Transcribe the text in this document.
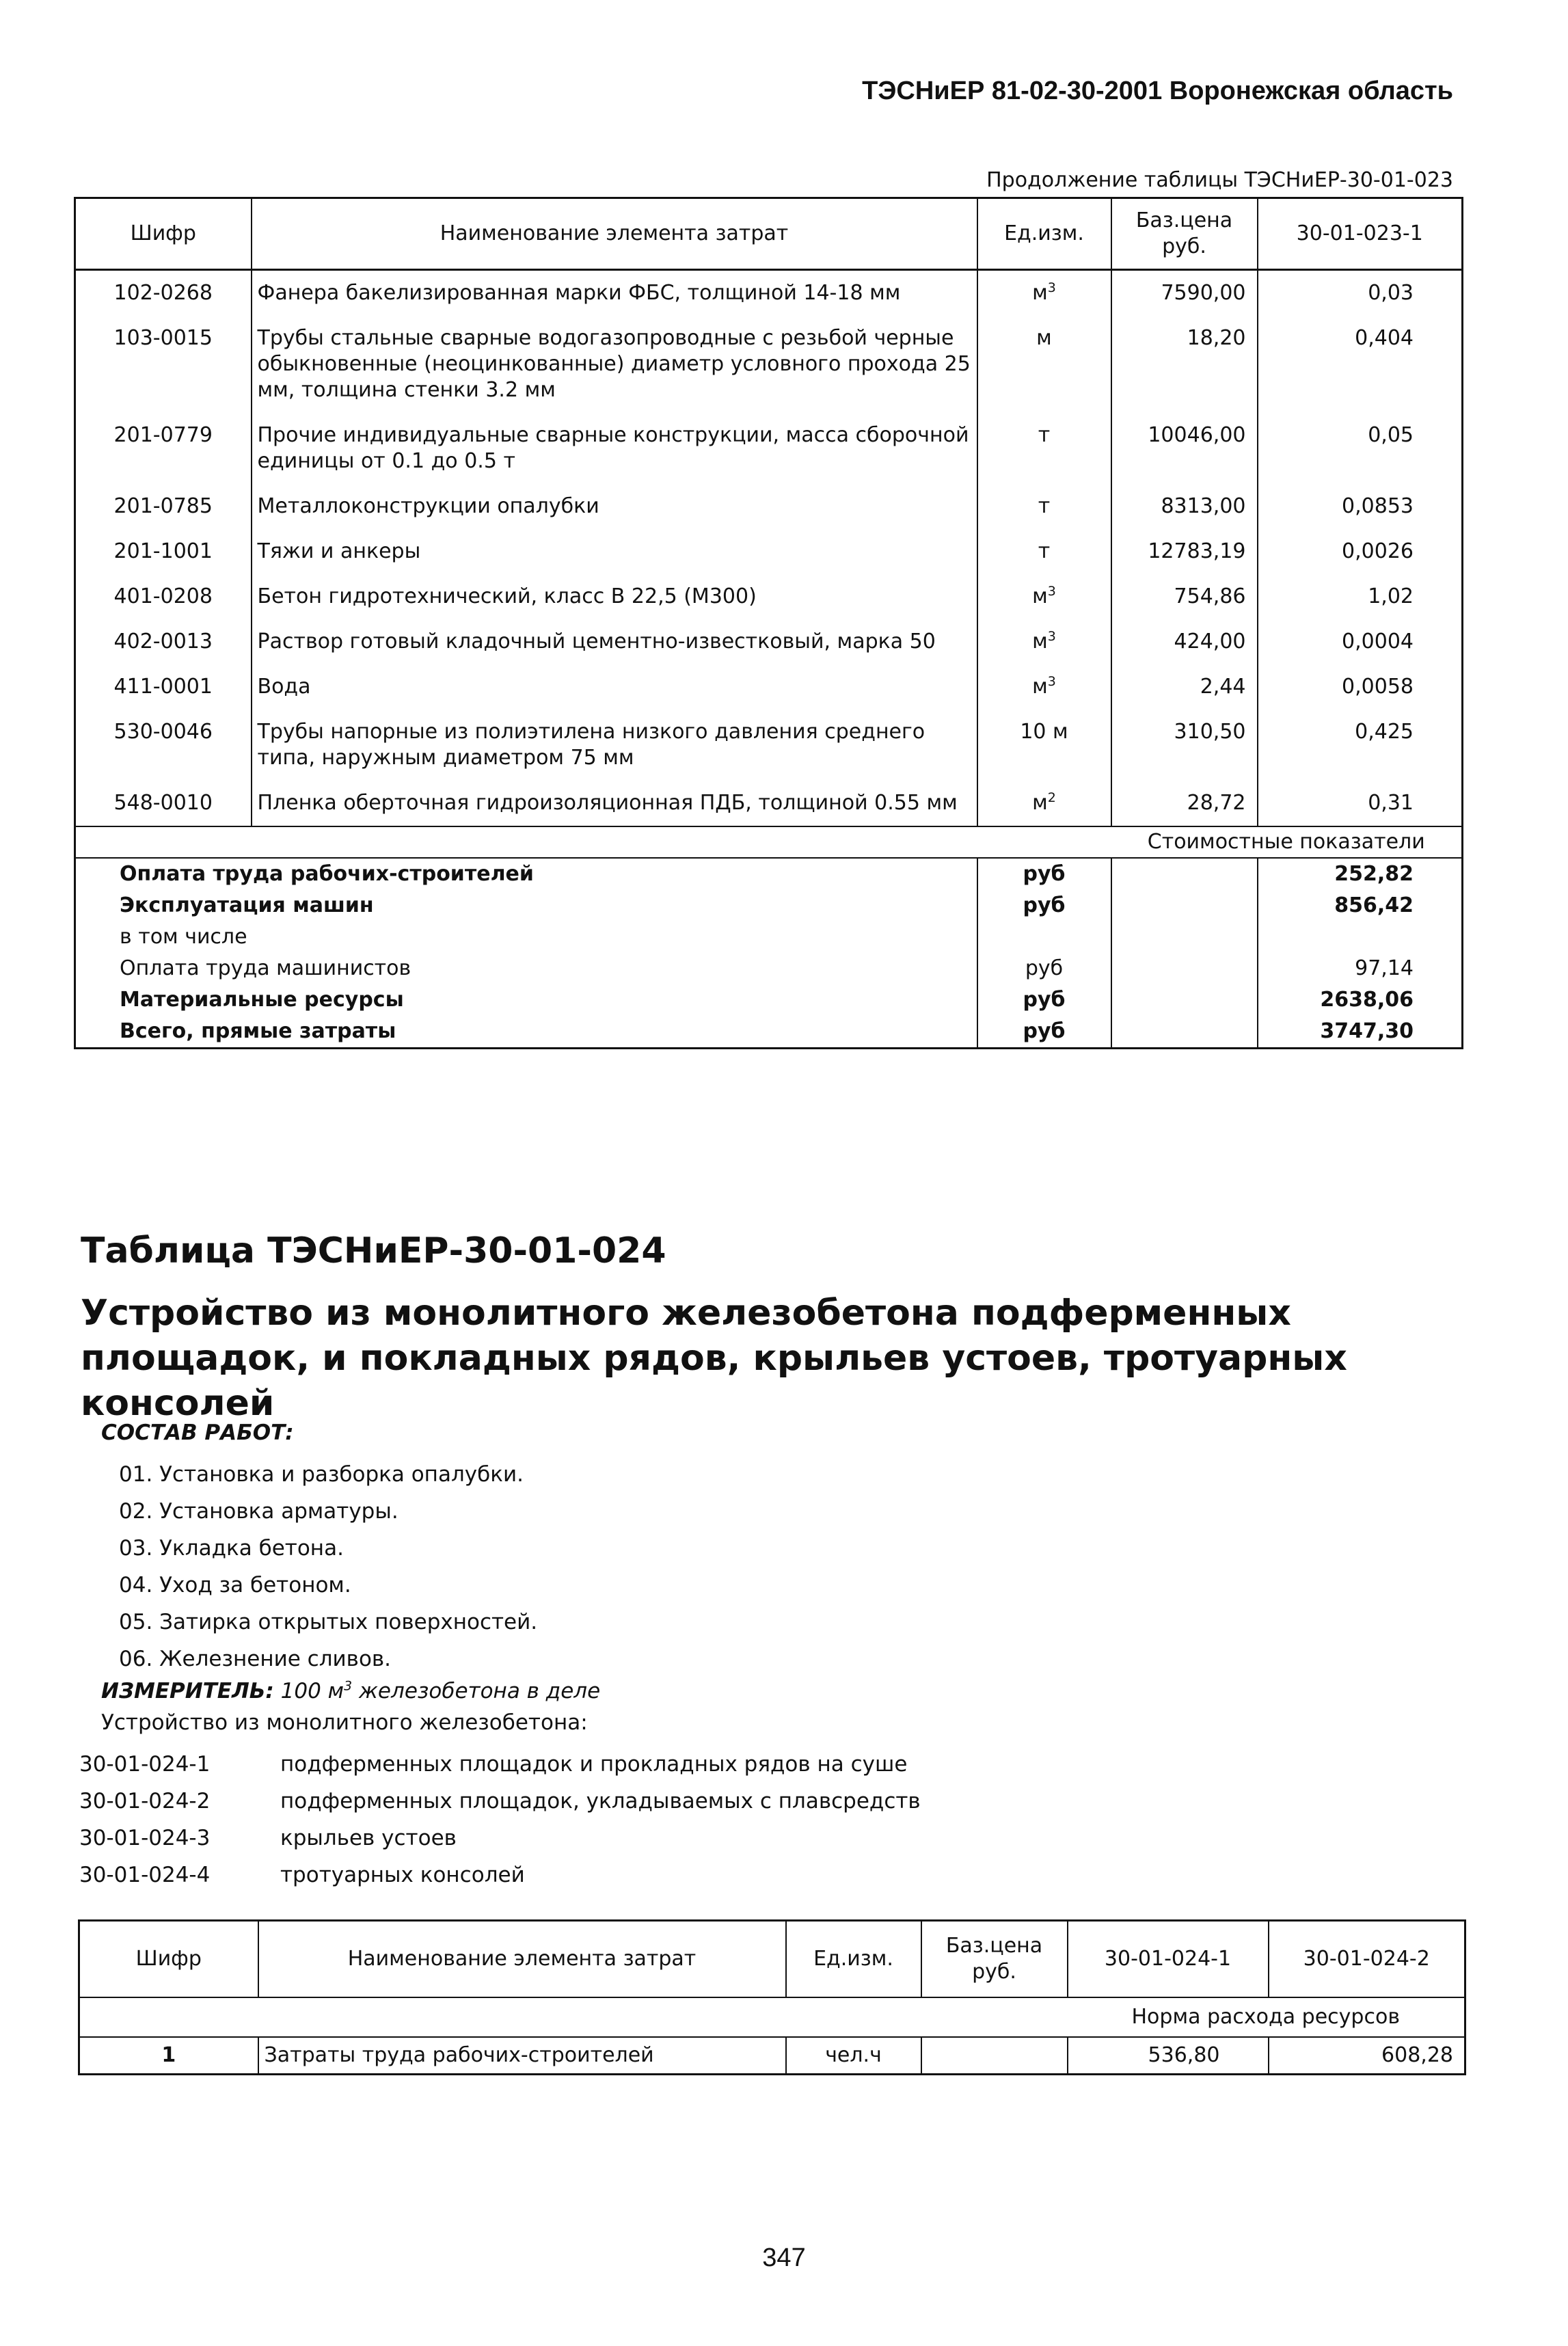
ТЭСНиЕР 81-02-30-2001 Воронежская область
Продолжение таблицы ТЭСНиЕР-30-01-023
Шифр	Наименование элемента затрат	Ед.изм.	Баз.цена руб.	30-01-023-1
102-0268	Фанера бакелизированная марки ФБС, толщиной 14-18 мм	$м^3$	7590,00	0,03
103-0015	Трубы стальные сварные водогазопроводные с резьбой черные обыкновенные (неоцинкованные) диаметр условного прохода 25 мм, толщина стенки 3.2 мм	м	18,20	0,404
201-0779	Прочие индивидуальные сварные конструкции, масса сборочной единицы от 0.1 до 0.5 т	т	10046,00	0,05
201-0785	Металлоконструкции опалубки	т	8313,00	0,0853
201-1001	Тяжи и анкеры	т	12783,19	0,0026
401-0208	Бетон гидротехнический, класс В 22,5 (М300)	$м^3$	754,86	1,02
402-0013	Раствор готовый кладочный цементно-известковый, марка 50	$м^3$	424,00	0,0004
411-0001	Вода	$м^3$	2,44	0,0058
530-0046	Трубы напорные из полиэтилена низкого давления среднего типа, наружным диаметром 75 мм	10 м	310,50	0,425
548-0010	Пленка оберточная гидроизоляционная ПДБ, толщиной 0.55 мм	$м^2$	28,72	0,31
			Стоимостные показатели	
Оплата труда рабочих-строителей		руб		252,82
Эксплуатация машин		руб		856,42
в том числе				
Оплата труда машинистов		руб		97,14
Материальные ресурсы		руб		2638,06
Всего, прямые затраты		руб		3747,30
Таблица ТЭСНиЕР-30-01-024
Устройство из монолитного железобетона подферменных площадок, и покладных рядов, крыльев устоев, тротуарных консолей
СОСТАВ РАБОТ:
01. Установка и разборка опалубки.
02. Установка арматуры.
03. Укладка бетона.
04. Уход за бетоном.
05. Затирка открытых поверхностей.
06. Железнение сливов.
ИЗМЕРИТЕЛЬ: 100 $м^3$ железобетона в деле
Устройство из монолитного железобетона:
30-01-024-1	подферменных площадок и прокладных рядов на суше
30-01-024-2	подферменных площадок, укладываемых с плавсредств
30-01-024-3	крыльев устоев
30-01-024-4	тротуарных консолей
Шифр	Наименование элемента затрат	Ед.изм.	Баз.цена руб.	30-01-024-1	30-01-024-2
				Норма расхода ресурсов	
1	Затраты труда рабочих-строителей	чел.ч		536,80	608,28
347
